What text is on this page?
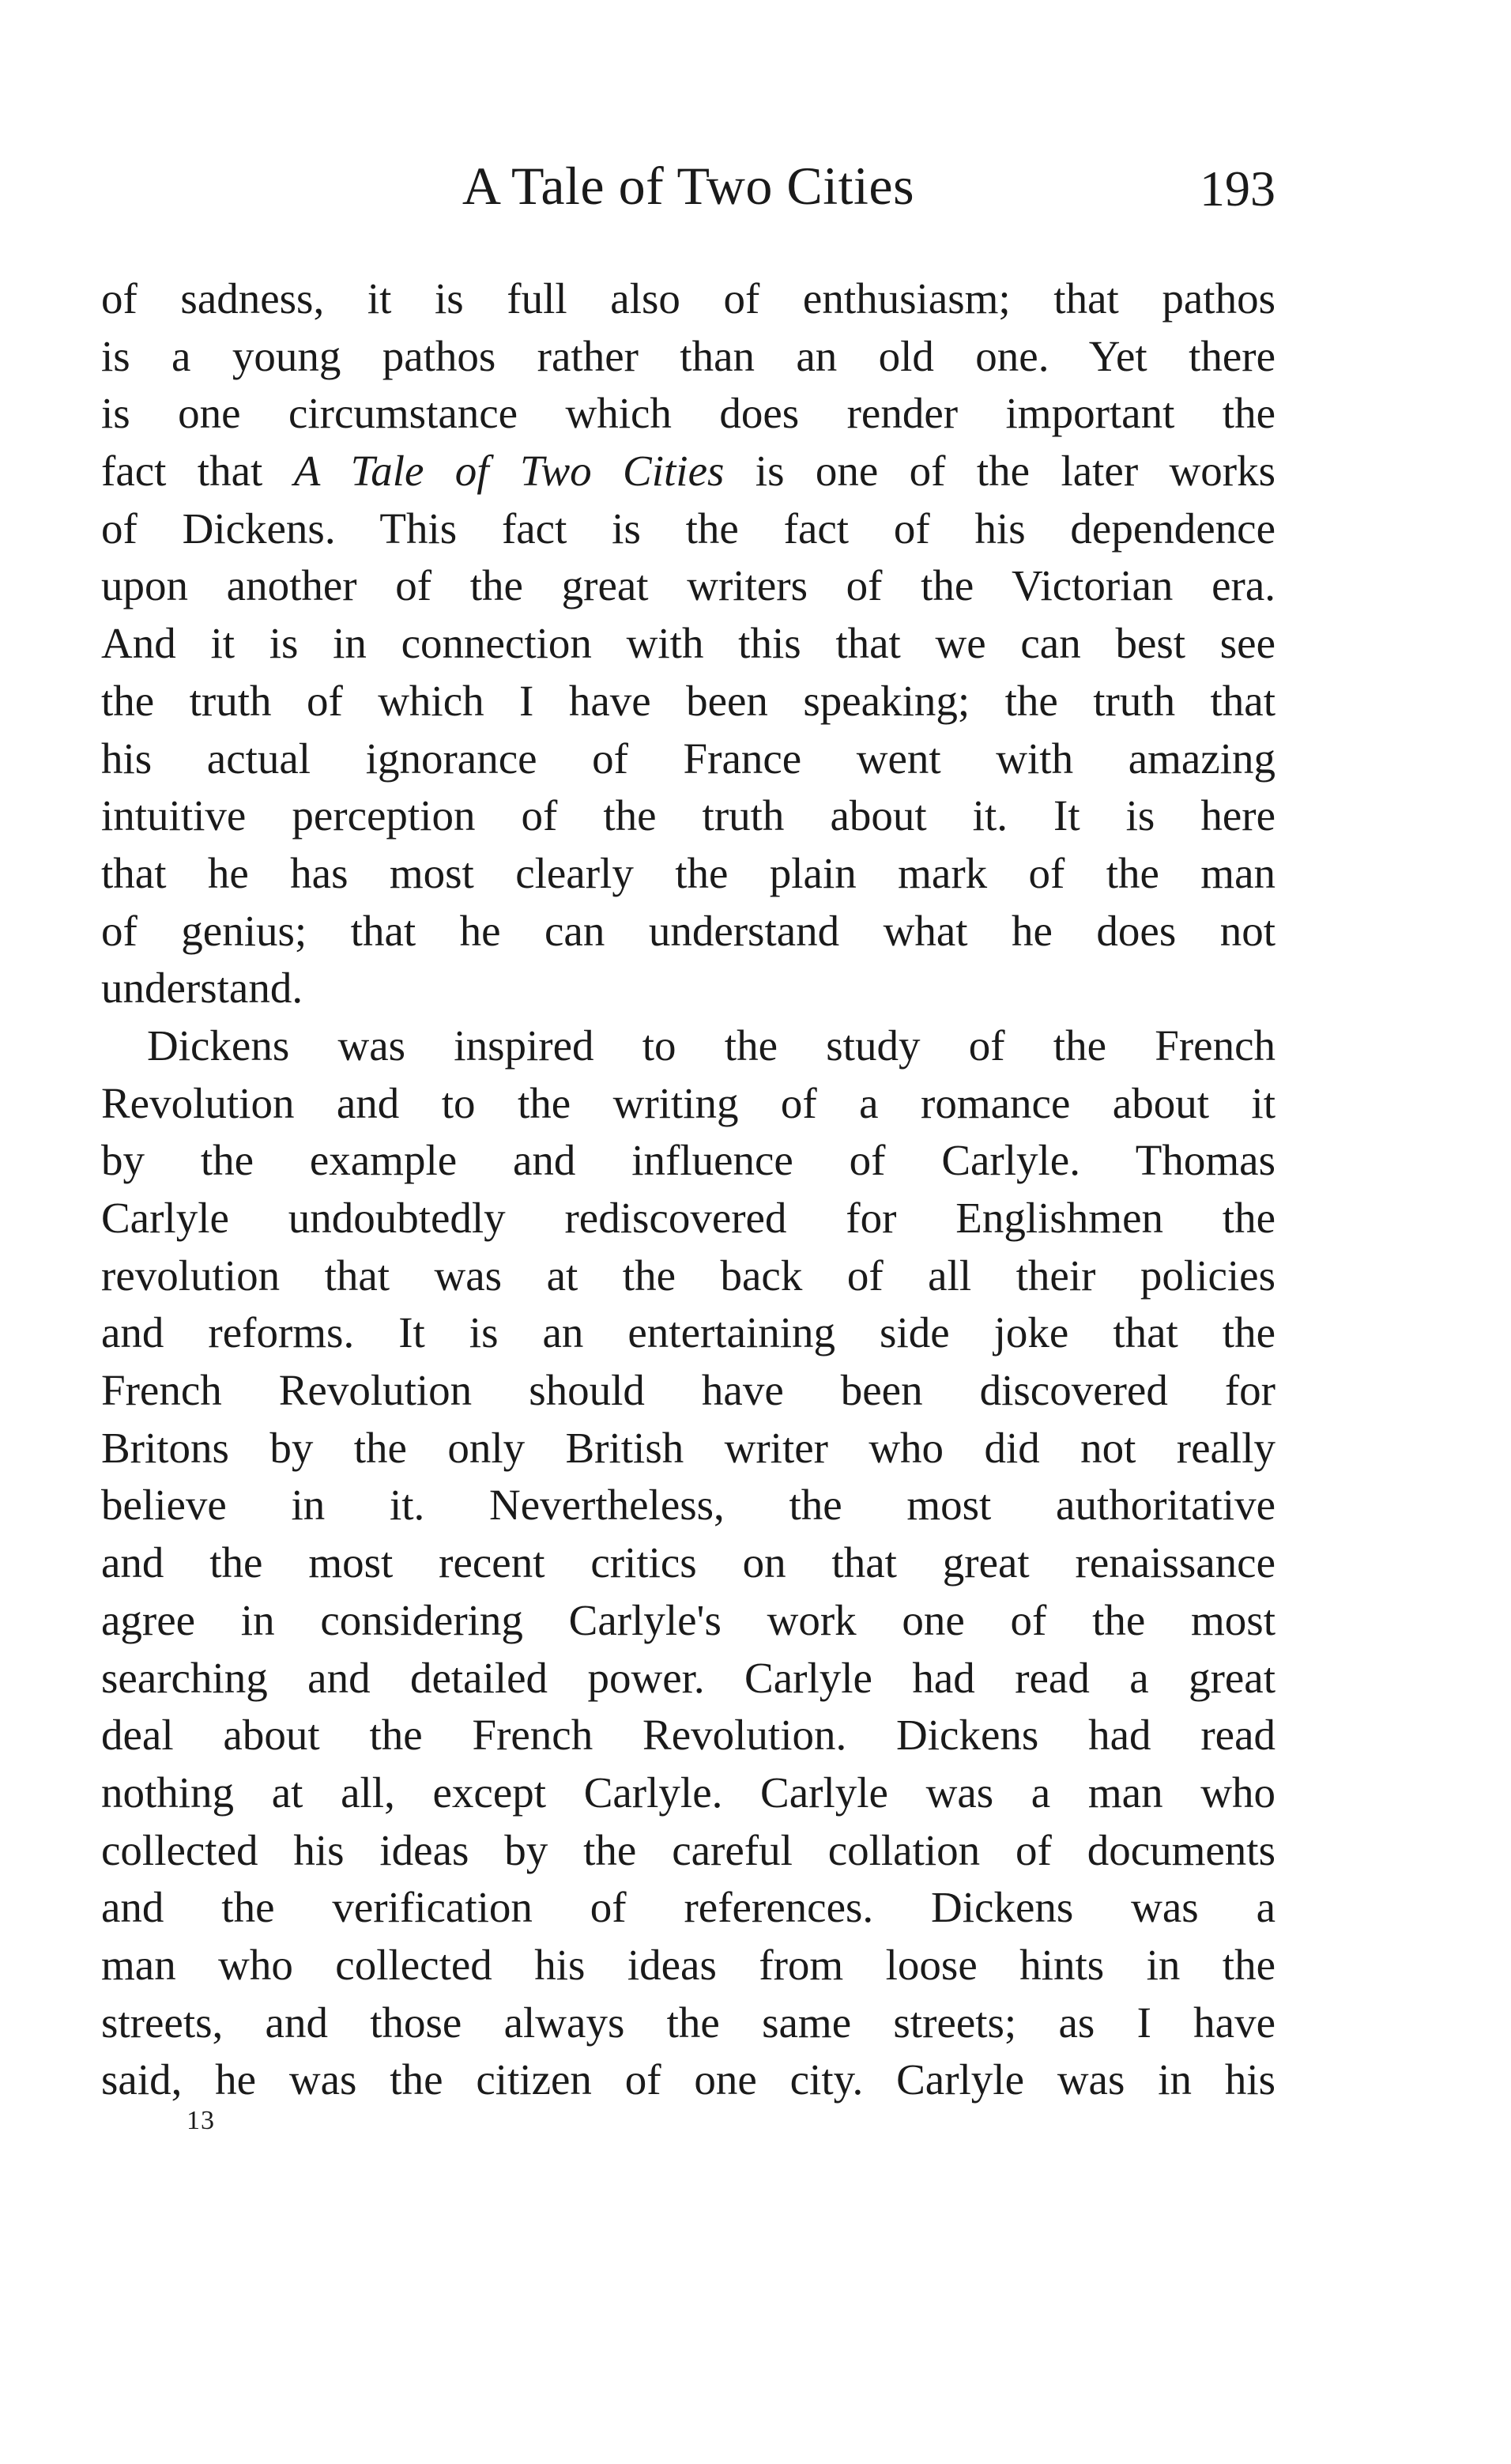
A Tale of Two Cities	193
of sadness, it is full also of enthusiasm; that pathos
is a young pathos rather than an old one. Yet there
is one circumstance which does render important the
fact that A Tale of Two Cities is one of the later works
of Dickens. This fact is the fact of his dependence
upon another of the great writers of the Victorian era.
And it is in connection with this that we can best see
the truth of which I have been speaking; the truth that
his actual ignorance of France went with amazing
intuitive perception of the truth about it. It is here
that he has most clearly the plain mark of the man
of genius; that he can understand what he does not
understand.
Dickens was inspired to the study of the French
Revolution and to the writing of a romance about it
by the example and influence of Carlyle. Thomas
Carlyle undoubtedly rediscovered for Englishmen the
revolution that was at the back of all their policies
and reforms. It is an entertaining side joke that the
French Revolution should have been discovered for
Britons by the only British writer who did not really
believe in it. Nevertheless, the most authoritative
and the most recent critics on that great renaissance
agree in considering Carlyle's work one of the most
searching and detailed power. Carlyle had read a great
deal about the French Revolution. Dickens had read
nothing at all, except Carlyle. Carlyle was a man who
collected his ideas by the careful collation of documents
and the verification of references. Dickens was a
man who collected his ideas from loose hints in the
streets, and those always the same streets; as I have
said, he was the citizen of one city. Carlyle was in his
13
